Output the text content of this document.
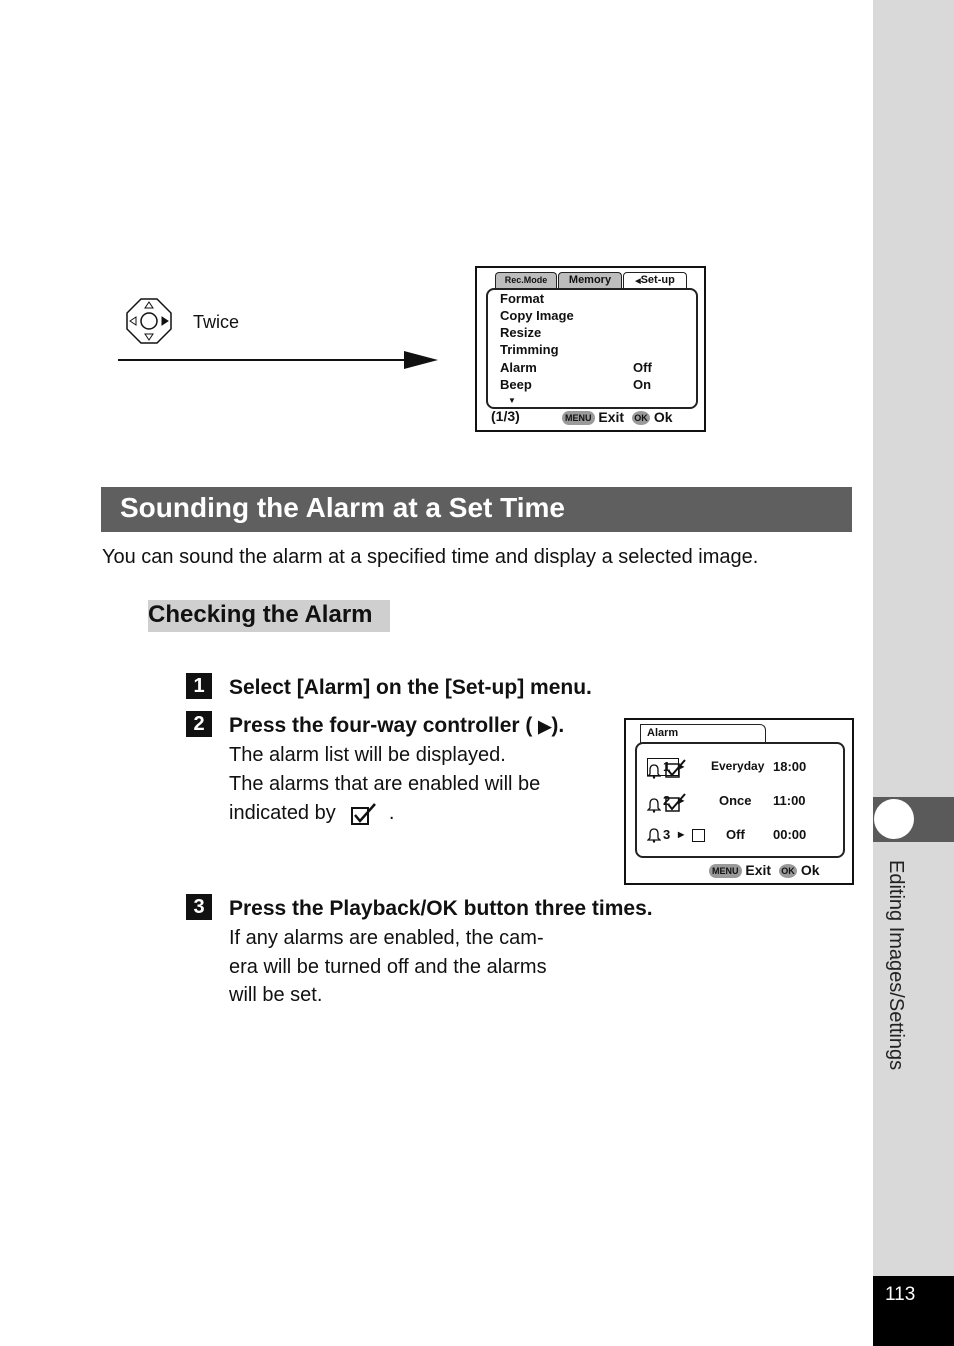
Editing Images/Settings
113
Twice
Rec.Mode	Memory	◀Set-up
Format
Copy Image
Resize
Trimming
Alarm	Off
Beep	On
▼
(1/3)	MENU Exit OK Ok
Sounding the Alarm at a Set Time
You can sound the alarm at a specified time and display a selected image.
Checking the Alarm
1	Select [Alarm] on the [Set-up] menu.
2	Press the four-way controller ( ▶).
The alarm list will be displayed.
The alarms that are enabled will be
indicated by	.
Alarm

1 ▶ Everyday 18:00

2 ▶	Once 11:00
3 ▶	Off 00:00
MENU Exit OK Ok
3	Press the Playback/OK button three times.
If any alarms are enabled, the cam-
era will be turned off and the alarms
will be set.
